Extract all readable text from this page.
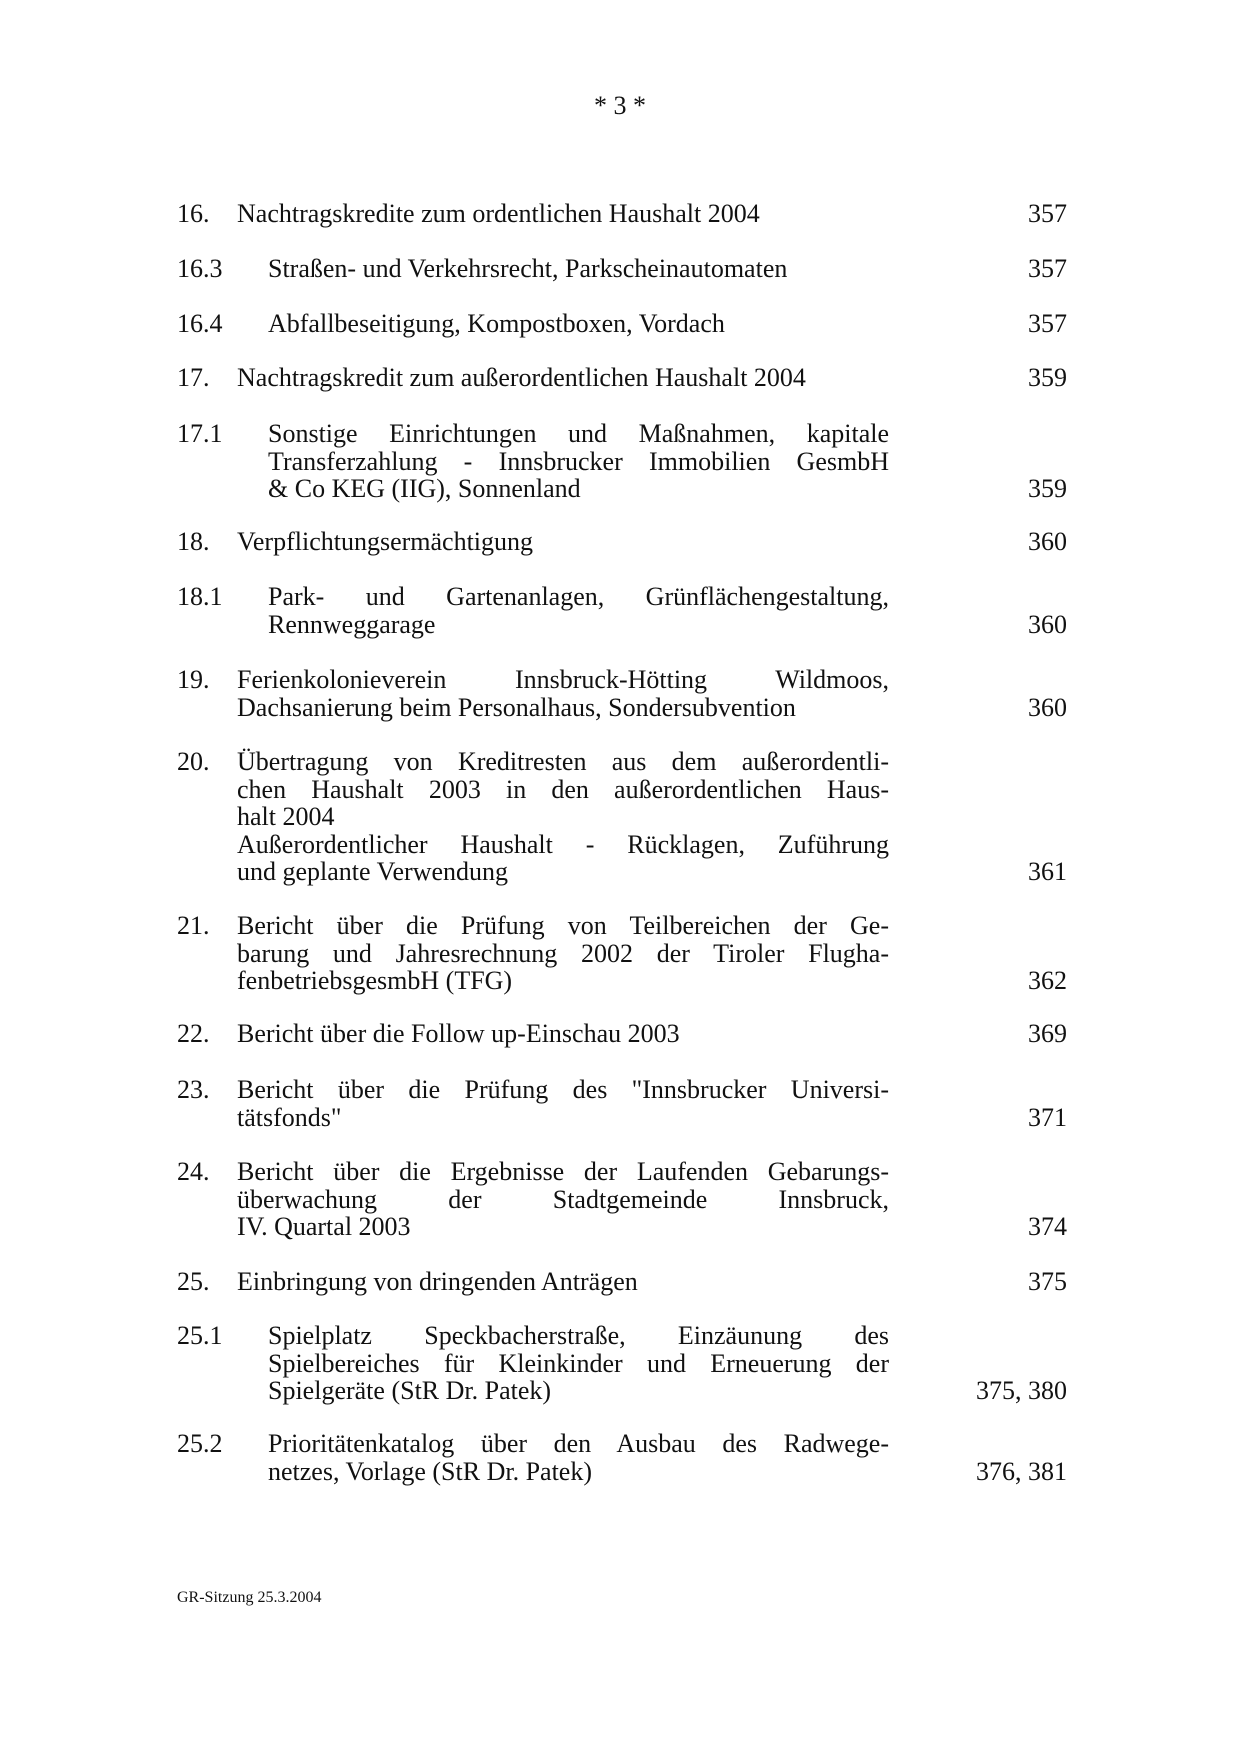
* 3 *
16. Nachtragskredite zum ordentlichen Haushalt 2004	357
16.3 Straßen- und Verkehrsrecht, Parkscheinautomaten	357
16.4 Abfallbeseitigung, Kompostboxen, Vordach	357
17. Nachtragskredit zum außerordentlichen Haushalt 2004	359
17.1 Sonstige Einrichtungen und Maßnahmen, kapitale
Transferzahlung - Innsbrucker Immobilien GesmbH
& Co KEG (IIG), Sonnenland	359
18. Verpflichtungsermächtigung	360
18.1 Park- und Gartenanlagen, Grünflächengestaltung,
Rennweggarage	360
19. Ferienkolonieverein Innsbruck-Hötting Wildmoos,
Dachsanierung beim Personalhaus, Sondersubvention	360
20. Übertragung von Kreditresten aus dem außerordentli-
chen Haushalt 2003 in den außerordentlichen Haus-
halt 2004
Außerordentlicher Haushalt - Rücklagen, Zuführung
und geplante Verwendung	361
21. Bericht über die Prüfung von Teilbereichen der Ge-
barung und Jahresrechnung 2002 der Tiroler Flugha-
fenbetriebsgesmbH (TFG)	362
22. Bericht über die Follow up-Einschau 2003	369
23. Bericht über die Prüfung des "Innsbrucker Universi-
tätsfonds"	371
24. Bericht über die Ergebnisse der Laufenden Gebarungs-
überwachung der Stadtgemeinde Innsbruck,
IV. Quartal 2003	374
25. Einbringung von dringenden Anträgen	375
25.1 Spielplatz Speckbacherstraße, Einzäunung des
Spielbereiches für Kleinkinder und Erneuerung der
Spielgeräte (StR Dr. Patek)	375, 380
25.2 Prioritätenkatalog über den Ausbau des Radwege-
netzes, Vorlage (StR Dr. Patek)	376, 381
GR-Sitzung 25.3.2004
